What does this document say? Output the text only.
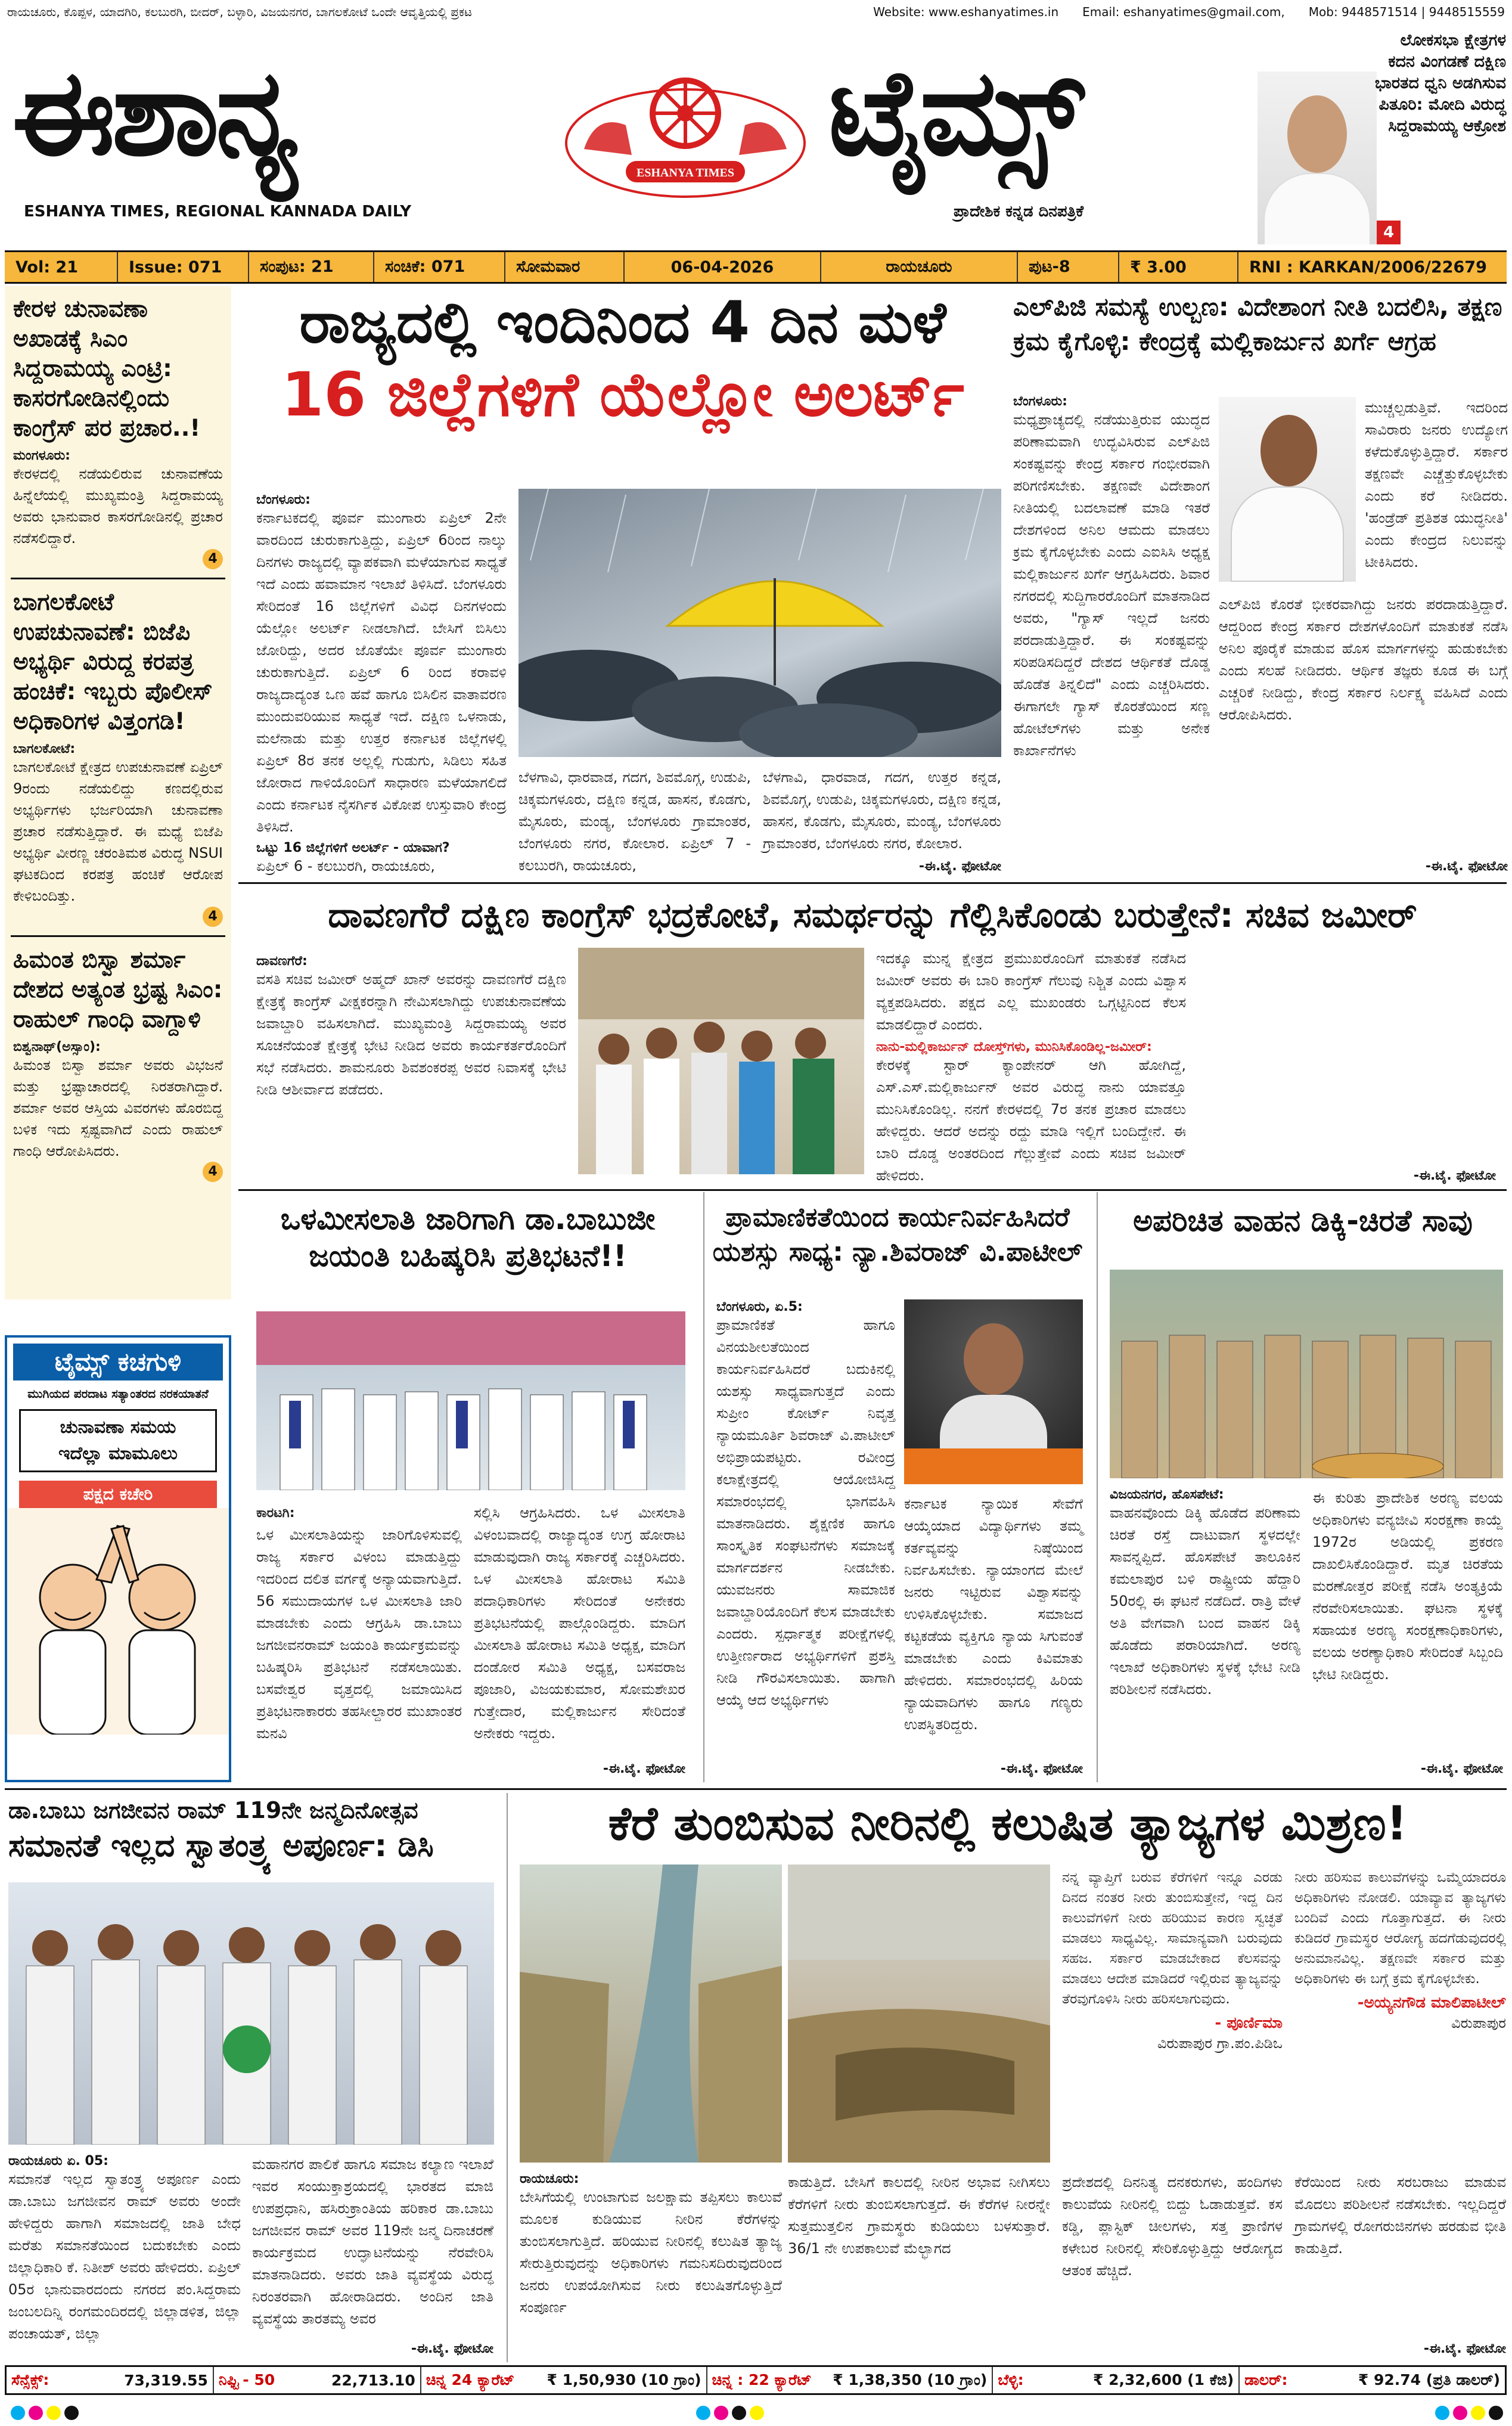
ರಾಯಚೂರು, ಕೊಪ್ಪಳ, ಯಾದಗಿರಿ, ಕಲಬುರಗಿ, ಬೀದರ್, ಬಳ್ಳಾರಿ, ವಿಜಯನಗರ, ಬಾಗಲಕೋಟೆ ಒಂದೇ ಆವೃತ್ತಿಯಲ್ಲಿ ಪ್ರಕಟ	Website: www.eshanyatimes.in Email: eshanyatimes@gmail.com, Mob: 9448571514 | 9448515559
ಈಶಾನ್ಯ	ESHANYA TIMES ಟೈಮ್ಸ್
ESHANYA TIMES, REGIONAL KANNADA DAILY	ಪ್ರಾದೇಶಿಕ ಕನ್ನಡ ದಿನಪತ್ರಿಕೆ
ಲೋಕಸಭಾ ಕ್ಷೇತ್ರಗಳ ಕದನ ವಿಂಗಡಣೆ ದಕ್ಷಿಣ ಭಾರತದ ಧ್ವನಿ ಅಡಗಿಸುವ ಪಿತೂರಿ: ಮೋದಿ ವಿರುದ್ಧ ಸಿದ್ದರಾಮಯ್ಯ ಆಕ್ರೋಶ
4
Vol: 21	Issue: 071	ಸಂಪುಟ: 21	ಸಂಚಿಕೆ: 071	ಸೋಮವಾರ	06-04-2026	ರಾಯಚೂರು	ಪುಟ-8	₹ 3.00	RNI : KARKAN/2006/22679
ಕೇರಳ ಚುನಾವಣಾ ಅಖಾಡಕ್ಕೆ ಸಿಎಂ ಸಿದ್ದರಾಮಯ್ಯ ಎಂಟ್ರಿ: ಕಾಸರಗೋಡಿನಲ್ಲಿಂದು ಕಾಂಗ್ರೆಸ್ ಪರ ಪ್ರಚಾರ..!
ಮಂಗಳೂರು:

ಕೇರಳದಲ್ಲಿ ನಡೆಯಲಿರುವ ಚುನಾವಣೆಯ ಹಿನ್ನೆಲೆಯಲ್ಲಿ ಮುಖ್ಯಮಂತ್ರಿ ಸಿದ್ದರಾಮಯ್ಯ ಅವರು ಭಾನುವಾರ ಕಾಸರಗೋಡಿನಲ್ಲಿ ಪ್ರಚಾರ ನಡೆಸಲಿದ್ದಾರೆ.

4
ಬಾಗಲಕೋಟೆ ಉಪಚುನಾವಣೆ: ಬಿಜೆಪಿ ಅಭ್ಯರ್ಥಿ ವಿರುದ್ದ ಕರಪತ್ರ ಹಂಚಿಕೆ: ಇಬ್ಬರು ಪೊಲೀಸ್ ಅಧಿಕಾರಿಗಳ ವಿತ್ತಂಗಡಿ!
ಬಾಗಲಕೋಟೆ:

ಬಾಗಲಕೋಟೆ ಕ್ಷೇತ್ರದ ಉಪಚುನಾವಣೆ ಏಪ್ರಿಲ್ 9ರಂದು ನಡೆಯಲಿದ್ದು ಕಣದಲ್ಲಿರುವ ಅಭ್ಯರ್ಥಿಗಳು ಭರ್ಜರಿಯಾಗಿ ಚುನಾವಣಾ ಪ್ರಚಾರ ನಡೆಸುತ್ತಿದ್ದಾರೆ. ಈ ಮಧ್ಯೆ ಬಿಜೆಪಿ ಅಭ್ಯರ್ಥಿ ವೀರಣ್ಣ ಚರಂತಿಮಠ ವಿರುದ್ಧ NSUI ಘಟಕದಿಂದ ಕರಪತ್ರ ಹಂಚಿಕೆ ಆರೋಪ ಕೇಳಿಬಂದಿತ್ತು.

4
ಹಿಮಂತ ಬಿಸ್ವಾ ಶರ್ಮಾ ದೇಶದ ಅತ್ಯಂತ ಭ್ರಷ್ಟ ಸಿಎಂ: ರಾಹುಲ್ ಗಾಂಧಿ ವಾಗ್ದಾಳಿ
ಬಿಶ್ವನಾಥ್(ಅಸ್ಸಾಂ):

ಹಿಮಂತ ಬಿಸ್ವಾ ಶರ್ಮಾ ಅವರು ವಿಭಜನೆ ಮತ್ತು ಭ್ರಷ್ಟಾಚಾರದಲ್ಲಿ ನಿರತರಾಗಿದ್ದಾರೆ. ಶರ್ಮಾ ಅವರ ಆಸ್ತಿಯ ವಿವರಗಳು ಹೊರಬಿದ್ದ ಬಳಿಕ ಇದು ಸ್ಪಷ್ಟವಾಗಿದೆ ಎಂದು ರಾಹುಲ್ ಗಾಂಧಿ ಆರೋಪಿಸಿದರು.

4
ಟೈಮ್ಸ್ ಕಚಗುಳಿ
ಮುಗಿಯದ ಪರದಾಟ ಸತ್ಯಾಂತರದ ನರಕಯಾತನೆ
ಚುನಾವಣಾ ಸಮಯ
ಇದೆಲ್ಲಾ ಮಾಮೂಲು
ಪಕ್ಷದ ಕಚೇರಿ
ರಾಜ್ಯದಲ್ಲಿ ಇಂದಿನಿಂದ 4 ದಿನ ಮಳೆ
16 ಜಿಲ್ಲೆಗಳಿಗೆ ಯೆಲ್ಲೋ ಅಲರ್ಟ್
ಬೆಂಗಳೂರು:
ಕರ್ನಾಟಕದಲ್ಲಿ ಪೂರ್ವ ಮುಂಗಾರು ಏಪ್ರಿಲ್ 2ನೇ ವಾರದಿಂದ ಚುರುಕಾಗುತ್ತಿದ್ದು, ಏಪ್ರಿಲ್ 6ರಿಂದ ನಾಲ್ಕು ದಿನಗಳು ರಾಜ್ಯದಲ್ಲಿ ವ್ಯಾಪಕವಾಗಿ ಮಳೆಯಾಗುವ ಸಾಧ್ಯತೆ ಇದೆ ಎಂದು ಹವಾಮಾನ ಇಲಾಖೆ ತಿಳಿಸಿದೆ. ಬೆಂಗಳೂರು ಸೇರಿದಂತೆ 16 ಜಿಲ್ಲೆಗಳಿಗೆ ವಿವಿಧ ದಿನಗಳಂದು ಯೆಲ್ಲೋ ಅಲರ್ಟ್ ನೀಡಲಾಗಿದೆ. ಬೇಸಿಗೆ ಬಿಸಿಲು ಜೋರಿದ್ದು, ಅದರ ಜೊತೆಯೇ ಪೂರ್ವ ಮುಂಗಾರು ಚುರುಕಾಗುತ್ತಿದೆ. ಏಪ್ರಿಲ್ 6 ರಿಂದ ಕರಾವಳಿ ರಾಜ್ಯದಾದ್ಯಂತ ಒಣ ಹವೆ ಹಾಗೂ ಬಿಸಿಲಿನ ವಾತಾವರಣ ಮುಂದುವರಿಯುವ ಸಾಧ್ಯತೆ ಇದೆ. ದಕ್ಷಿಣ ಒಳನಾಡು, ಮಲೆನಾಡು ಮತ್ತು ಉತ್ತರ ಕರ್ನಾಟಕ ಜಿಲ್ಲೆಗಳಲ್ಲಿ ಏಪ್ರಿಲ್ 8ರ ತನಕ ಅಲ್ಲಲ್ಲಿ ಗುಡುಗು, ಸಿಡಿಲು ಸಹಿತ ಜೋರಾದ ಗಾಳಿಯೊಂದಿಗೆ ಸಾಧಾರಣ ಮಳೆಯಾಗಲಿದೆ ಎಂದು ಕರ್ನಾಟಕ ನೈಸರ್ಗಿಕ ವಿಕೋಪ ಉಸ್ತುವಾರಿ ಕೇಂದ್ರ ತಿಳಿಸಿದೆ.
ಒಟ್ಟು 16 ಜಿಲ್ಲೆಗಳಿಗೆ ಅಲರ್ಟ್ - ಯಾವಾಗ?
ಏಪ್ರಿಲ್ 6 - ಕಲಬುರಗಿ, ರಾಯಚೂರು,
ಬೆಳಗಾವಿ, ಧಾರವಾಡ, ಗದಗ, ಶಿವಮೊಗ್ಗ, ಉಡುಪಿ, ಚಿಕ್ಕಮಗಳೂರು, ದಕ್ಷಿಣ ಕನ್ನಡ, ಹಾಸನ, ಕೊಡಗು, ಮೈಸೂರು, ಮಂಡ್ಯ, ಬೆಂಗಳೂರು ಗ್ರಾಮಾಂತರ, ಬೆಂಗಳೂರು ನಗರ, ಕೋಲಾರ. ಏಪ್ರಿಲ್ 7 - ಕಲಬುರಗಿ, ರಾಯಚೂರು,
ಬೆಳಗಾವಿ, ಧಾರವಾಡ, ಗದಗ, ಉತ್ತರ ಕನ್ನಡ, ಶಿವಮೊಗ್ಗ, ಉಡುಪಿ, ಚಿಕ್ಕಮಗಳೂರು, ದಕ್ಷಿಣ ಕನ್ನಡ, ಹಾಸನ, ಕೊಡಗು, ಮೈಸೂರು, ಮಂಡ್ಯ, ಬೆಂಗಳೂರು ಗ್ರಾಮಾಂತರ, ಬೆಂಗಳೂರು ನಗರ, ಕೋಲಾರ.
-ಈ.ಟೈ. ಫೋಟೋ
ಎಲ್‌ಪಿಜಿ ಸಮಸ್ಯೆ ಉಲ್ಬಣ: ವಿದೇಶಾಂಗ ನೀತಿ ಬದಲಿಸಿ, ತಕ್ಷಣ ಕ್ರಮ ಕೈಗೊಳ್ಳಿ: ಕೇಂದ್ರಕ್ಕೆ ಮಲ್ಲಿಕಾರ್ಜುನ ಖರ್ಗೆ ಆಗ್ರಹ
ಬೆಂಗಳೂರು:
ಮಧ್ಯಪ್ರಾಚ್ಯದಲ್ಲಿ ನಡೆಯುತ್ತಿರುವ ಯುದ್ಧದ ಪರಿಣಾಮವಾಗಿ ಉದ್ಭವಿಸಿರುವ ಎಲ್‌ಪಿಜಿ ಸಂಕಷ್ಟವನ್ನು ಕೇಂದ್ರ ಸರ್ಕಾರ ಗಂಭೀರವಾಗಿ ಪರಿಗಣಿಸಬೇಕು. ತಕ್ಷಣವೇ ವಿದೇಶಾಂಗ ನೀತಿಯಲ್ಲಿ ಬದಲಾವಣೆ ಮಾಡಿ ಇತರೆ ದೇಶಗಳಿಂದ ಅನಿಲ ಆಮದು ಮಾಡಲು ಕ್ರಮ ಕೈಗೊಳ್ಳಬೇಕು ಎಂದು ಎಐಸಿಸಿ ಅಧ್ಯಕ್ಷ ಮಲ್ಲಿಕಾರ್ಜುನ ಖರ್ಗೆ ಆಗ್ರಹಿಸಿದರು. ಶಿವಾರ ನಗರದಲ್ಲಿ ಸುದ್ದಿಗಾರರೊಂದಿಗೆ ಮಾತನಾಡಿದ ಅವರು, "ಗ್ಯಾಸ್ ಇಲ್ಲದೆ ಜನರು ಪರದಾಡುತ್ತಿದ್ದಾರೆ. ಈ ಸಂಕಷ್ಟವನ್ನು ಸರಿಪಡಿಸದಿದ್ದರೆ ದೇಶದ ಆರ್ಥಿಕತೆ ದೊಡ್ಡ ಹೊಡೆತ ತಿನ್ನಲಿದೆ" ಎಂದು ಎಚ್ಚರಿಸಿದರು. ಈಗಾಗಲೇ ಗ್ಯಾಸ್ ಕೊರತೆಯಿಂದ ಸಣ್ಣ ಹೋಟೆಲ್‌ಗಳು ಮತ್ತು ಅನೇಕ ಕಾರ್ಖಾನೆಗಳು
ಮುಚ್ಚಲ್ಪಡುತ್ತಿವೆ. ಇದರಿಂದ ಸಾವಿರಾರು ಜನರು ಉದ್ಯೋಗ ಕಳೆದುಕೊಳ್ಳುತ್ತಿದ್ದಾರೆ. ಸರ್ಕಾರ ತಕ್ಷಣವೇ ಎಚ್ಚೆತ್ತುಕೊಳ್ಳಬೇಕು ಎಂದು ಕರೆ ನೀಡಿದರು. 'ಹಂಡ್ರೆಡ್ ಪ್ರತಿಶತ ಯುದ್ಧನೀತಿ' ಎಂದು ಕೇಂದ್ರದ ನಿಲುವನ್ನು ಟೀಕಿಸಿದರು.
ಎಲ್‌ಪಿಜಿ ಕೊರತೆ ಭೀಕರವಾಗಿದ್ದು ಜನರು ಪರದಾಡುತ್ತಿದ್ದಾರೆ. ಆದ್ದರಿಂದ ಕೇಂದ್ರ ಸರ್ಕಾರ ದೇಶಗಳೊಂದಿಗೆ ಮಾತುಕತೆ ನಡೆಸಿ ಅನಿಲ ಪೂರೈಕೆ ಮಾಡುವ ಹೊಸ ಮಾರ್ಗಗಳನ್ನು ಹುಡುಕಬೇಕು ಎಂದು ಸಲಹೆ ನೀಡಿದರು. ಆರ್ಥಿಕ ತಜ್ಞರು ಕೂಡ ಈ ಬಗ್ಗೆ ಎಚ್ಚರಿಕೆ ನೀಡಿದ್ದು, ಕೇಂದ್ರ ಸರ್ಕಾರ ನಿರ್ಲಕ್ಷ್ಯ ವಹಿಸಿದೆ ಎಂದು ಆರೋಪಿಸಿದರು.
-ಈ.ಟೈ. ಫೋಟೋ
ದಾವಣಗೆರೆ ದಕ್ಷಿಣ ಕಾಂಗ್ರೆಸ್ ಭದ್ರಕೋಟೆ, ಸಮರ್ಥರನ್ನು ಗೆಲ್ಲಿಸಿಕೊಂಡು ಬರುತ್ತೇನೆ: ಸಚಿವ ಜಮೀರ್
ದಾವಣಗೆರೆ:
ವಸತಿ ಸಚಿವ ಜಮೀರ್ ಅಹ್ಮದ್ ಖಾನ್ ಅವರನ್ನು ದಾವಣಗೆರೆ ದಕ್ಷಿಣ ಕ್ಷೇತ್ರಕ್ಕೆ ಕಾಂಗ್ರೆಸ್ ವೀಕ್ಷಕರನ್ನಾಗಿ ನೇಮಿಸಲಾಗಿದ್ದು ಉಪಚುನಾವಣೆಯ ಜವಾಬ್ದಾರಿ ವಹಿಸಲಾಗಿದೆ. ಮುಖ್ಯಮಂತ್ರಿ ಸಿದ್ದರಾಮಯ್ಯ ಅವರ ಸೂಚನೆಯಂತೆ ಕ್ಷೇತ್ರಕ್ಕೆ ಭೇಟಿ ನೀಡಿದ ಅವರು ಕಾರ್ಯಕರ್ತರೊಂದಿಗೆ ಸಭೆ ನಡೆಸಿದರು. ಶಾಮನೂರು ಶಿವಶಂಕರಪ್ಪ ಅವರ ನಿವಾಸಕ್ಕೆ ಭೇಟಿ ನೀಡಿ ಆಶೀರ್ವಾದ ಪಡೆದರು.
ಇದಕ್ಕೂ ಮುನ್ನ ಕ್ಷೇತ್ರದ ಪ್ರಮುಖರೊಂದಿಗೆ ಮಾತುಕತೆ ನಡೆಸಿದ ಜಮೀರ್ ಅವರು ಈ ಬಾರಿ ಕಾಂಗ್ರೆಸ್ ಗೆಲುವು ನಿಶ್ಚಿತ ಎಂದು ವಿಶ್ವಾಸ ವ್ಯಕ್ತಪಡಿಸಿದರು. ಪಕ್ಷದ ಎಲ್ಲ ಮುಖಂಡರು ಒಗ್ಗಟ್ಟಿನಿಂದ ಕೆಲಸ ಮಾಡಲಿದ್ದಾರೆ ಎಂದರು.
ನಾನು-ಮಲ್ಲಿಕಾರ್ಜುನ್ ದೋಸ್ತ್‌ಗಳು, ಮುನಿಸಿಕೊಂಡಿಲ್ಲ-ಜಮೀರ್:
ಕೇರಳಕ್ಕೆ ಸ್ಟಾರ್ ಕ್ಯಾಂಪೇನರ್ ಆಗಿ ಹೋಗಿದ್ದೆ, ಎಸ್.ಎಸ್.ಮಲ್ಲಿಕಾರ್ಜುನ್ ಅವರ ವಿರುದ್ಧ ನಾನು ಯಾವತ್ತೂ ಮುನಿಸಿಕೊಂಡಿಲ್ಲ. ನನಗೆ ಕೇರಳದಲ್ಲಿ 7ರ ತನಕ ಪ್ರಚಾರ ಮಾಡಲು ಹೇಳಿದ್ದರು. ಆದರೆ ಅದನ್ನು ರದ್ದು ಮಾಡಿ ಇಲ್ಲಿಗೆ ಬಂದಿದ್ದೇನೆ. ಈ ಬಾರಿ ದೊಡ್ಡ ಅಂತರದಿಂದ ಗೆಲ್ಲುತ್ತೇವೆ ಎಂದು ಸಚಿವ ಜಮೀರ್ ಹೇಳಿದರು.	-ಈ.ಟೈ. ಫೋಟೋ
ಒಳಮೀಸಲಾತಿ ಜಾರಿಗಾಗಿ ಡಾ.ಬಾಬುಜೀ ಜಯಂತಿ ಬಹಿಷ್ಕರಿಸಿ ಪ್ರತಿಭಟನೆ!!
ಕಾರಟಗಿ:
ಒಳ ಮೀಸಲಾತಿಯನ್ನು ಜಾರಿಗೊಳಿಸುವಲ್ಲಿ ರಾಜ್ಯ ಸರ್ಕಾರ ವಿಳಂಬ ಮಾಡುತ್ತಿದ್ದು ಇದರಿಂದ ದಲಿತ ವರ್ಗಕ್ಕೆ ಅನ್ಯಾಯವಾಗುತ್ತಿದೆ. 56 ಸಮುದಾಯಗಳ ಒಳ ಮೀಸಲಾತಿ ಜಾರಿ ಮಾಡಬೇಕು ಎಂದು ಆಗ್ರಹಿಸಿ ಡಾ.ಬಾಬು ಜಗಜೀವನರಾಮ್ ಜಯಂತಿ ಕಾರ್ಯಕ್ರಮವನ್ನು ಬಹಿಷ್ಕರಿಸಿ ಪ್ರತಿಭಟನೆ ನಡೆಸಲಾಯಿತು. ಬಸವೇಶ್ವರ ವೃತ್ತದಲ್ಲಿ ಜಮಾಯಿಸಿದ ಪ್ರತಿಭಟನಾಕಾರರು ತಹಸೀಲ್ದಾರರ ಮುಖಾಂತರ ಮನವಿ
ಸಲ್ಲಿಸಿ ಆಗ್ರಹಿಸಿದರು. ಒಳ ಮೀಸಲಾತಿ ವಿಳಂಬವಾದಲ್ಲಿ ರಾಜ್ಯಾದ್ಯಂತ ಉಗ್ರ ಹೋರಾಟ ಮಾಡುವುದಾಗಿ ರಾಜ್ಯ ಸರ್ಕಾರಕ್ಕೆ ಎಚ್ಚರಿಸಿದರು. ಒಳ ಮೀಸಲಾತಿ ಹೋರಾಟ ಸಮಿತಿ ಪದಾಧಿಕಾರಿಗಳು ಸೇರಿದಂತೆ ಅನೇಕರು ಪ್ರತಿಭಟನೆಯಲ್ಲಿ ಪಾಲ್ಗೊಂಡಿದ್ದರು. ಮಾದಿಗ ಮೀಸಲಾತಿ ಹೋರಾಟ ಸಮಿತಿ ಅಧ್ಯಕ್ಷ, ಮಾದಿಗ ದಂಡೋರ ಸಮಿತಿ ಅಧ್ಯಕ್ಷ, ಬಸವರಾಜ ಪೂಜಾರಿ, ವಿಜಯಕುಮಾರ, ಸೋಮಶೇಖರ ಗುತ್ತೇದಾರ, ಮಲ್ಲಿಕಾರ್ಜುನ ಸೇರಿದಂತೆ ಅನೇಕರು ಇದ್ದರು.
-ಈ.ಟೈ. ಫೋಟೋ
ಪ್ರಾಮಾಣಿಕತೆಯಿಂದ ಕಾರ್ಯನಿರ್ವಹಿಸಿದರೆ ಯಶಸ್ಸು ಸಾಧ್ಯ: ನ್ಯಾ.ಶಿವರಾಜ್ ವಿ.ಪಾಟೀಲ್
ಬೆಂಗಳೂರು, ಏ.5:
ಪ್ರಾಮಾಣಿಕತೆ ಹಾಗೂ ವಿನಯಶೀಲತೆಯಿಂದ ಕಾರ್ಯನಿರ್ವಹಿಸಿದರೆ ಬದುಕಿನಲ್ಲಿ ಯಶಸ್ಸು ಸಾಧ್ಯವಾಗುತ್ತದೆ ಎಂದು ಸುಪ್ರೀಂ ಕೋರ್ಟ್ ನಿವೃತ್ತ ನ್ಯಾಯಮೂರ್ತಿ ಶಿವರಾಜ್ ವಿ.ಪಾಟೀಲ್ ಅಭಿಪ್ರಾಯಪಟ್ಟರು. ರವೀಂದ್ರ ಕಲಾಕ್ಷೇತ್ರದಲ್ಲಿ ಆಯೋಜಿಸಿದ್ದ ಸಮಾರಂಭದಲ್ಲಿ ಭಾಗವಹಿಸಿ ಮಾತನಾಡಿದರು. ಶೈಕ್ಷಣಿಕ ಹಾಗೂ ಸಾಂಸ್ಕೃತಿಕ ಸಂಘಟನೆಗಳು ಸಮಾಜಕ್ಕೆ ಮಾರ್ಗದರ್ಶನ ನೀಡಬೇಕು. ಯುವಜನರು ಸಾಮಾಜಿಕ ಜವಾಬ್ದಾರಿಯೊಂದಿಗೆ ಕೆಲಸ ಮಾಡಬೇಕು ಎಂದರು. ಸ್ಪರ್ಧಾತ್ಮಕ ಪರೀಕ್ಷೆಗಳಲ್ಲಿ ಉತ್ತೀರ್ಣರಾದ ಅಭ್ಯರ್ಥಿಗಳಿಗೆ ಪ್ರಶಸ್ತಿ ನೀಡಿ ಗೌರವಿಸಲಾಯಿತು. ಹಾಗಾಗಿ ಆಯ್ಕೆ ಆದ ಅಭ್ಯರ್ಥಿಗಳು
ಕರ್ನಾಟಕ ನ್ಯಾಯಿಕ ಸೇವೆಗೆ ಆಯ್ಕೆಯಾದ ವಿದ್ಯಾರ್ಥಿಗಳು ತಮ್ಮ ಕರ್ತವ್ಯವನ್ನು ನಿಷ್ಠೆಯಿಂದ ನಿರ್ವಹಿಸಬೇಕು. ನ್ಯಾಯಾಂಗದ ಮೇಲೆ ಜನರು ಇಟ್ಟಿರುವ ವಿಶ್ವಾಸವನ್ನು ಉಳಿಸಿಕೊಳ್ಳಬೇಕು. ಸಮಾಜದ ಕಟ್ಟಕಡೆಯ ವ್ಯಕ್ತಿಗೂ ನ್ಯಾಯ ಸಿಗುವಂತೆ ಮಾಡಬೇಕು ಎಂದು ಕಿವಿಮಾತು ಹೇಳಿದರು. ಸಮಾರಂಭದಲ್ಲಿ ಹಿರಿಯ ನ್ಯಾಯವಾದಿಗಳು ಹಾಗೂ ಗಣ್ಯರು ಉಪಸ್ಥಿತರಿದ್ದರು.
-ಈ.ಟೈ. ಫೋಟೋ
ಅಪರಿಚಿತ ವಾಹನ ಡಿಕ್ಕಿ-ಚಿರತೆ ಸಾವು
ವಿಜಯನಗರ, ಹೊಸಪೇಟೆ:
ವಾಹನವೊಂದು ಡಿಕ್ಕಿ ಹೊಡೆದ ಪರಿಣಾಮ ಚಿರತೆ ರಸ್ತೆ ದಾಟುವಾಗ ಸ್ಥಳದಲ್ಲೇ ಸಾವನ್ನಪ್ಪಿದೆ. ಹೊಸಪೇಟೆ ತಾಲೂಕಿನ ಕಮಲಾಪುರ ಬಳಿ ರಾಷ್ಟ್ರೀಯ ಹೆದ್ದಾರಿ 50ರಲ್ಲಿ ಈ ಘಟನೆ ನಡೆದಿದೆ. ರಾತ್ರಿ ವೇಳೆ ಅತಿ ವೇಗವಾಗಿ ಬಂದ ವಾಹನ ಡಿಕ್ಕಿ ಹೊಡೆದು ಪರಾರಿಯಾಗಿದೆ. ಅರಣ್ಯ ಇಲಾಖೆ ಅಧಿಕಾರಿಗಳು ಸ್ಥಳಕ್ಕೆ ಭೇಟಿ ನೀಡಿ ಪರಿಶೀಲನೆ ನಡೆಸಿದರು.
ಈ ಕುರಿತು ಪ್ರಾದೇಶಿಕ ಅರಣ್ಯ ವಲಯ ಅಧಿಕಾರಿಗಳು ವನ್ಯಜೀವಿ ಸಂರಕ್ಷಣಾ ಕಾಯ್ದೆ 1972ರ ಅಡಿಯಲ್ಲಿ ಪ್ರಕರಣ ದಾಖಲಿಸಿಕೊಂಡಿದ್ದಾರೆ. ಮೃತ ಚಿರತೆಯ ಮರಣೋತ್ತರ ಪರೀಕ್ಷೆ ನಡೆಸಿ ಅಂತ್ಯಕ್ರಿಯೆ ನೆರವೇರಿಸಲಾಯಿತು. ಘಟನಾ ಸ್ಥಳಕ್ಕೆ ಸಹಾಯಕ ಅರಣ್ಯ ಸಂರಕ್ಷಣಾಧಿಕಾರಿಗಳು, ವಲಯ ಅರಣ್ಯಾಧಿಕಾರಿ ಸೇರಿದಂತೆ ಸಿಬ್ಬಂದಿ ಭೇಟಿ ನೀಡಿದ್ದರು.
-ಈ.ಟೈ. ಫೋಟೋ
ಡಾ.ಬಾಬು ಜಗಜೀವನ ರಾಮ್ 119ನೇ ಜನ್ಮದಿನೋತ್ಸವ
ಸಮಾನತೆ ಇಲ್ಲದ ಸ್ವಾತಂತ್ರ್ಯ ಅಪೂರ್ಣ: ಡಿಸಿ
ರಾಯಚೂರು ಏ. 05:
ಸಮಾನತೆ ಇಲ್ಲದ ಸ್ವಾತಂತ್ರ್ಯ ಅಪೂರ್ಣ ಎಂದು ಡಾ.ಬಾಬು ಜಗಜೀವನ ರಾಮ್ ಅವರು ಅಂದೇ ಹೇಳಿದ್ದರು ಹಾಗಾಗಿ ಸಮಾಜದಲ್ಲಿ ಜಾತಿ ಬೇಧ ಮರೆತು ಸಮಾನತೆಯಿಂದ ಬದುಕಬೇಕು ಎಂದು ಜಿಲ್ಲಾಧಿಕಾರಿ ಕೆ. ನಿತೀಶ್ ಅವರು ಹೇಳಿದರು. ಏಪ್ರಿಲ್ 05ರ ಭಾನುವಾರದಂದು ನಗರದ ಪಂ.ಸಿದ್ದರಾಮ ಜಂಬಲದಿನ್ನಿ ರಂಗಮಂದಿರದಲ್ಲಿ ಜಿಲ್ಲಾಡಳಿತ, ಜಿಲ್ಲಾ ಪಂಚಾಯತ್, ಜಿಲ್ಲಾ
ಮಹಾನಗರ ಪಾಲಿಕೆ ಹಾಗೂ ಸಮಾಜ ಕಲ್ಯಾಣ ಇಲಾಖೆ ಇವರ ಸಂಯುಕ್ತಾಶ್ರಯದಲ್ಲಿ ಭಾರತದ ಮಾಜಿ ಉಪಪ್ರಧಾನಿ, ಹಸಿರುಕ್ರಾಂತಿಯ ಹರಿಕಾರ ಡಾ.ಬಾಬು ಜಗಜೀವನ ರಾಮ್ ಅವರ 119ನೇ ಜನ್ಮ ದಿನಾಚರಣೆ ಕಾರ್ಯಕ್ರಮದ ಉದ್ಘಾಟನೆಯನ್ನು ನೆರವೇರಿಸಿ ಮಾತನಾಡಿದರು. ಅವರು ಜಾತಿ ವ್ಯವಸ್ಥೆಯ ವಿರುದ್ಧ ನಿರಂತರವಾಗಿ ಹೋರಾಡಿದರು. ಅಂದಿನ ಜಾತಿ ವ್ಯವಸ್ಥೆಯ ತಾರತಮ್ಯ ಅವರ
-ಈ.ಟೈ. ಫೋಟೋ
ಕೆರೆ ತುಂಬಿಸುವ ನೀರಿನಲ್ಲಿ ಕಲುಷಿತ ತ್ಯಾಜ್ಯಗಳ ಮಿಶ್ರಣ!
ನನ್ನ ವ್ಯಾಪ್ತಿಗೆ ಬರುವ ಕೆರೆಗಳಿಗೆ ಇನ್ನೂ ಎರಡು ದಿನದ ನಂತರ ನೀರು ತುಂಬಿಸುತ್ತೇನೆ, ಇದ್ದ ದಿನ ಕಾಲುವೆಗಳಿಗೆ ನೀರು ಹರಿಯುವ ಕಾರಣ ಸ್ವಚ್ಛತೆ ಮಾಡಲು ಸಾಧ್ಯವಿಲ್ಲ. ಸಾಮಾನ್ಯವಾಗಿ ಬರುವುದು ಸಹಜ. ಸರ್ಕಾರ ಮಾಡಬೇಕಾದ ಕೆಲಸವನ್ನು ಮಾಡಲು ಆದೇಶ ಮಾಡಿದರೆ ಇಲ್ಲಿರುವ ತ್ಯಾಜ್ಯವನ್ನು ತೆರವುಗೊಳಿಸಿ ನೀರು ಹರಿಸಲಾಗುವುದು.
- ಪೂರ್ಣಿಮಾ
ವಿರುಪಾಪುರ ಗ್ರಾ.ಪಂ.ಪಿಡಿಒ
ನೀರು ಹರಿಸುವ ಕಾಲುವೆಗಳನ್ನು ಒಮ್ಮೆಯಾದರೂ ಅಧಿಕಾರಿಗಳು ನೋಡಲಿ. ಯಾವ್ಯಾವ ತ್ಯಾಜ್ಯಗಳು ಬಂದಿವೆ ಎಂದು ಗೊತ್ತಾಗುತ್ತದೆ. ಈ ನೀರು ಕುಡಿದರೆ ಗ್ರಾಮಸ್ಥರ ಆರೋಗ್ಯ ಹದಗೆಡುವುದರಲ್ಲಿ ಅನುಮಾನವಿಲ್ಲ. ತಕ್ಷಣವೇ ಸರ್ಕಾರ ಮತ್ತು ಅಧಿಕಾರಿಗಳು ಈ ಬಗ್ಗೆ ಕ್ರಮ ಕೈಗೊಳ್ಳಬೇಕು.
-ಅಯ್ಯನಗೌಡ ಮಾಲಿಪಾಟೀಲ್
ವಿರುಪಾಪುರ
ರಾಯಚೂರು:
ಬೇಸಿಗೆಯಲ್ಲಿ ಉಂಟಾಗುವ ಜಲಕ್ಷಾಮ ತಪ್ಪಿಸಲು ಕಾಲುವೆ ಮೂಲಕ ಕುಡಿಯುವ ನೀರಿನ ಕೆರೆಗಳನ್ನು ತುಂಬಿಸಲಾಗುತ್ತಿದೆ. ಹರಿಯುವ ನೀರಿನಲ್ಲಿ ಕಲುಷಿತ ತ್ಯಾಜ್ಯ ಸೇರುತ್ತಿರುವುದನ್ನು ಅಧಿಕಾರಿಗಳು ಗಮನಿಸದಿರುವುದರಿಂದ ಜನರು ಉಪಯೋಗಿಸುವ ನೀರು ಕಲುಷಿತಗೊಳ್ಳುತ್ತಿದೆ ಸಂಪೂರ್ಣ
ಕಾಡುತ್ತಿದೆ. ಬೇಸಿಗೆ ಕಾಲದಲ್ಲಿ ನೀರಿನ ಅಭಾವ ನೀಗಿಸಲು ಕೆರೆಗಳಿಗೆ ನೀರು ತುಂಬಿಸಲಾಗುತ್ತದೆ. ಈ ಕೆರೆಗಳ ನೀರನ್ನೇ ಸುತ್ತಮುತ್ತಲಿನ ಗ್ರಾಮಸ್ಥರು ಕುಡಿಯಲು ಬಳಸುತ್ತಾರೆ. 36/1 ನೇ ಉಪಕಾಲುವೆ ಮೆಲ್ಭಾಗದ
ಪ್ರದೇಶದಲ್ಲಿ ದಿನನಿತ್ಯ ದನಕರುಗಳು, ಹಂದಿಗಳು ಕಾಲುವೆಯ ನೀರಿನಲ್ಲಿ ಬಿದ್ದು ಓಡಾಡುತ್ತವೆ. ಕಸ ಕಡ್ಡಿ, ಪ್ಲಾಸ್ಟಿಕ್ ಚೀಲಗಳು, ಸತ್ತ ಪ್ರಾಣಿಗಳ ಕಳೇಬರ ನೀರಿನಲ್ಲಿ ಸೇರಿಕೊಳ್ಳುತ್ತಿದ್ದು ಆರೋಗ್ಯದ ಆತಂಕ ಹೆಚ್ಚಿದೆ.
ಕೆರೆಯಿಂದ ನೀರು ಸರಬರಾಜು ಮಾಡುವ ಮೊದಲು ಪರಿಶೀಲನೆ ನಡೆಸಬೇಕು. ಇಲ್ಲದಿದ್ದರೆ ಗ್ರಾಮಗಳಲ್ಲಿ ರೋಗರುಜಿನಗಳು ಹರಡುವ ಭೀತಿ ಕಾಡುತ್ತಿದೆ.
-ಈ.ಟೈ. ಫೋಟೋ
ಸೆನ್ಸೆಕ್ಸ್:	73,319.55 ನಿಫ್ಟಿ - 50	22,713.10 ಚಿನ್ನ 24 ಕ್ಯಾರೆಟ್ ₹ 1,50,930 (10 ಗ್ರಾಂ) ಚಿನ್ನ : 22 ಕ್ಯಾರೆಟ್ ₹ 1,38,350 (10 ಗ್ರಾಂ) ಬೆಳ್ಳಿ:	₹ 2,32,600 (1 ಕೆಜಿ) ಡಾಲರ್:	₹ 92.74 (ಪ್ರತಿ ಡಾಲರ್)
